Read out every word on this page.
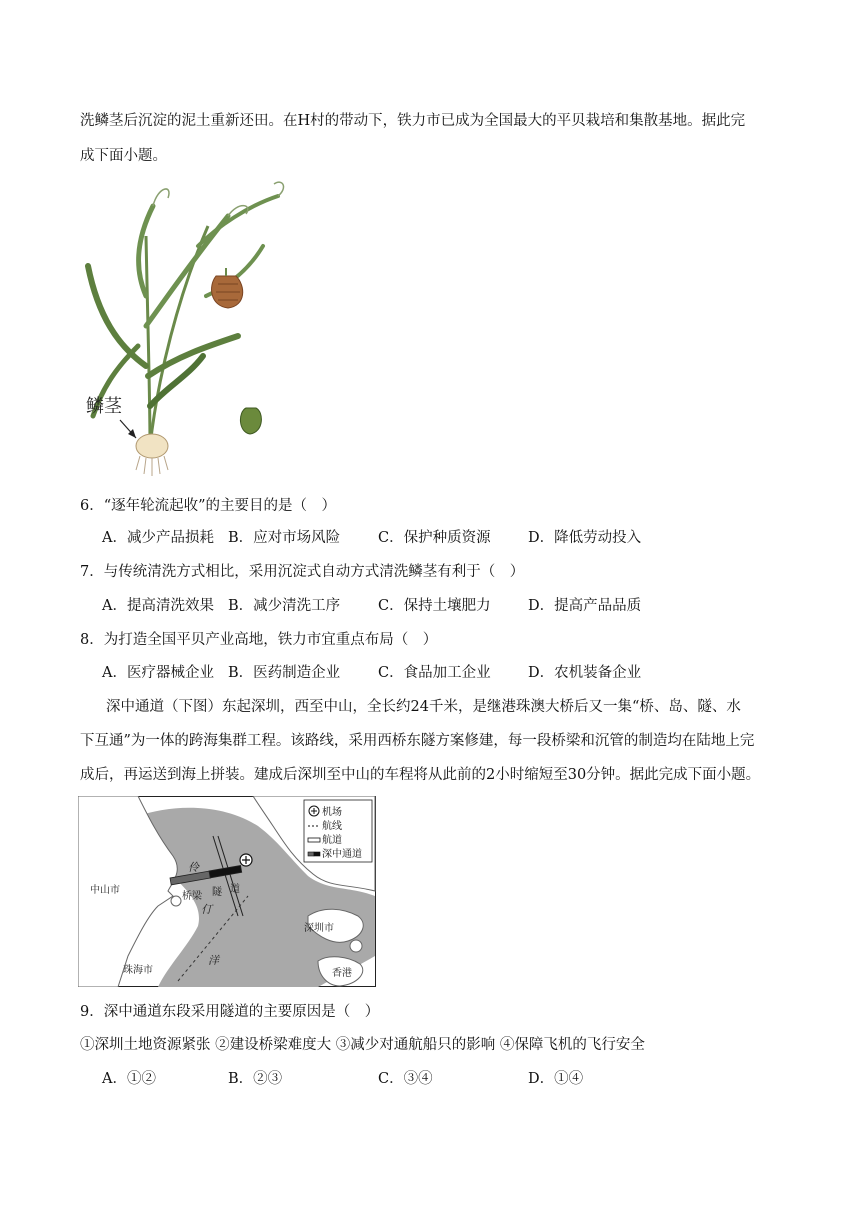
洗鳞茎后沉淀的泥土重新还田。在H村的带动下，铁力市已成为全国最大的平贝栽培和集散基地。据此完
成下面小题。
鳞茎
6．“逐年轮流起收”的主要目的是（　）
A．减少产品损耗 B．应对市场风险	C．保护种质资源	D．降低劳动投入
7．与传统清洗方式相比，采用沉淀式自动方式清洗鳞茎有利于（　）
A．提高清洗效果 B．减少清洗工序	C．保持土壤肥力	D．提高产品品质
8．为打造全国平贝产业高地，铁力市宜重点布局（　）
A．医疗器械企业 B．医药制造企业	C．食品加工企业	D．农机装备企业
深中通道（下图）东起深圳，西至中山，全长约24千米，是继港珠澳大桥后又一集“桥、岛、隧、水
下互通”为一体的跨海集群工程。该路线，采用西桥东隧方案修建，每一段桥梁和沉管的制造均在陆地上完
成后，再运送到海上拼装。建成后深圳至中山的车程将从此前的2小时缩短至30分钟。据此完成下面小题。
中山市
深圳市
珠海市	香港
伶
仃
洋
桥梁 隧 道
机场
航线
航道
深中通道
9．深中通道东段采用隧道的主要原因是（　）
①深圳土地资源紧张 ②建设桥梁难度大 ③减少对通航船只的影响 ④保障飞机的飞行安全
A．①②	B．②③	C．③④	D．①④
